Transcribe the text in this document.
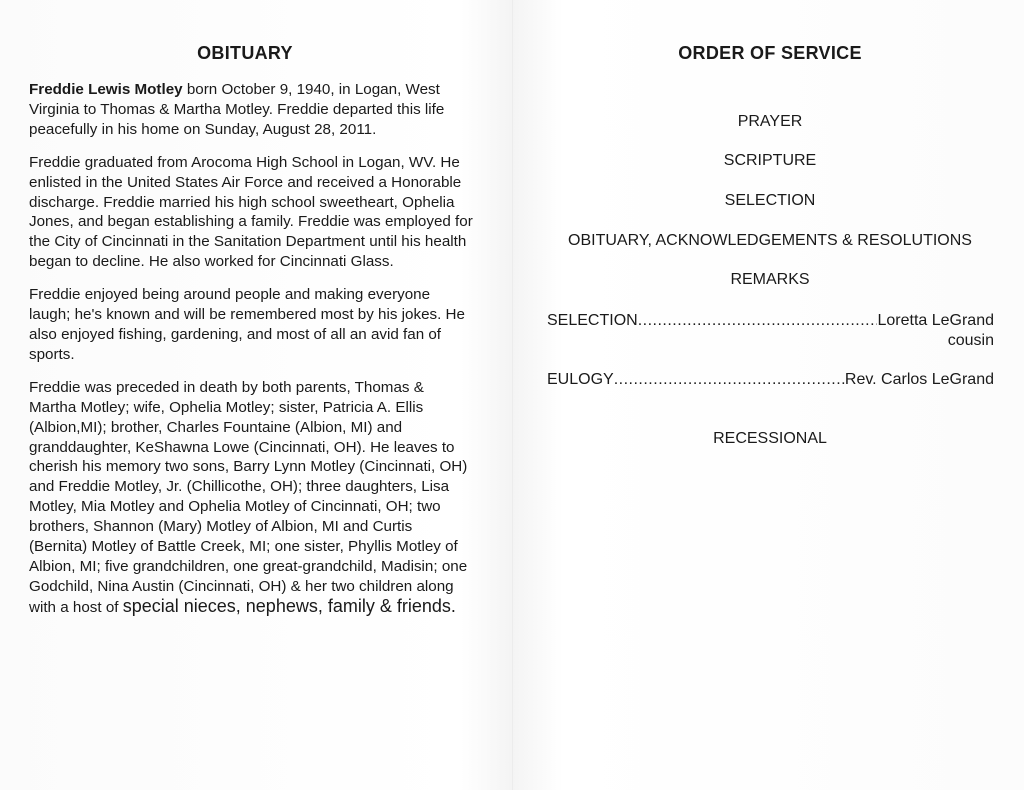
OBITUARY

Freddie Lewis Motley born October 9, 1940, in Logan, West Virginia to Thomas & Martha Motley. Freddie departed this life peacefully in his home on Sunday, August 28, 2011.

Freddie graduated from Arocoma High School in Logan, WV. He enlisted in the United States Air Force and received a Honorable discharge. Freddie married his high school sweetheart, Ophelia Jones, and began establishing a family. Freddie was employed for the City of Cincinnati in the Sanitation Department until his health began to decline. He also worked for Cincinnati Glass.

Freddie enjoyed being around people and making everyone laugh; he's known and will be remembered most by his jokes. He also enjoyed fishing, gardening, and most of all an avid fan of sports.

Freddie was preceded in death by both parents, Thomas & Martha Motley; wife, Ophelia Motley; sister, Patricia A. Ellis (Albion,MI); brother, Charles Fountaine (Albion, MI) and granddaughter, KeShawna Lowe (Cincinnati, OH). He leaves to cherish his memory two sons, Barry Lynn Motley (Cincinnati, OH) and Freddie Motley, Jr. (Chillicothe, OH); three daughters, Lisa Motley, Mia Motley and Ophelia Motley of Cincinnati, OH; two brothers, Shannon (Mary) Motley of Albion, MI and Curtis (Bernita) Motley of Battle Creek, MI; one sister, Phyllis Motley of Albion, MI; five grandchildren, one great-grandchild, Madisin; one Godchild, Nina Austin (Cincinnati, OH) & her two children along with a host of special nieces, nephews, family & friends.

ORDER OF SERVICE
PRAYER
SCRIPTURE
SELECTION
OBITUARY, ACKNOWLEDGEMENTS & RESOLUTIONS
REMARKS
SELECTION .....	Loretta LeGrand
cousin
EULOGY .....	Rev. Carlos LeGrand
RECESSIONAL
